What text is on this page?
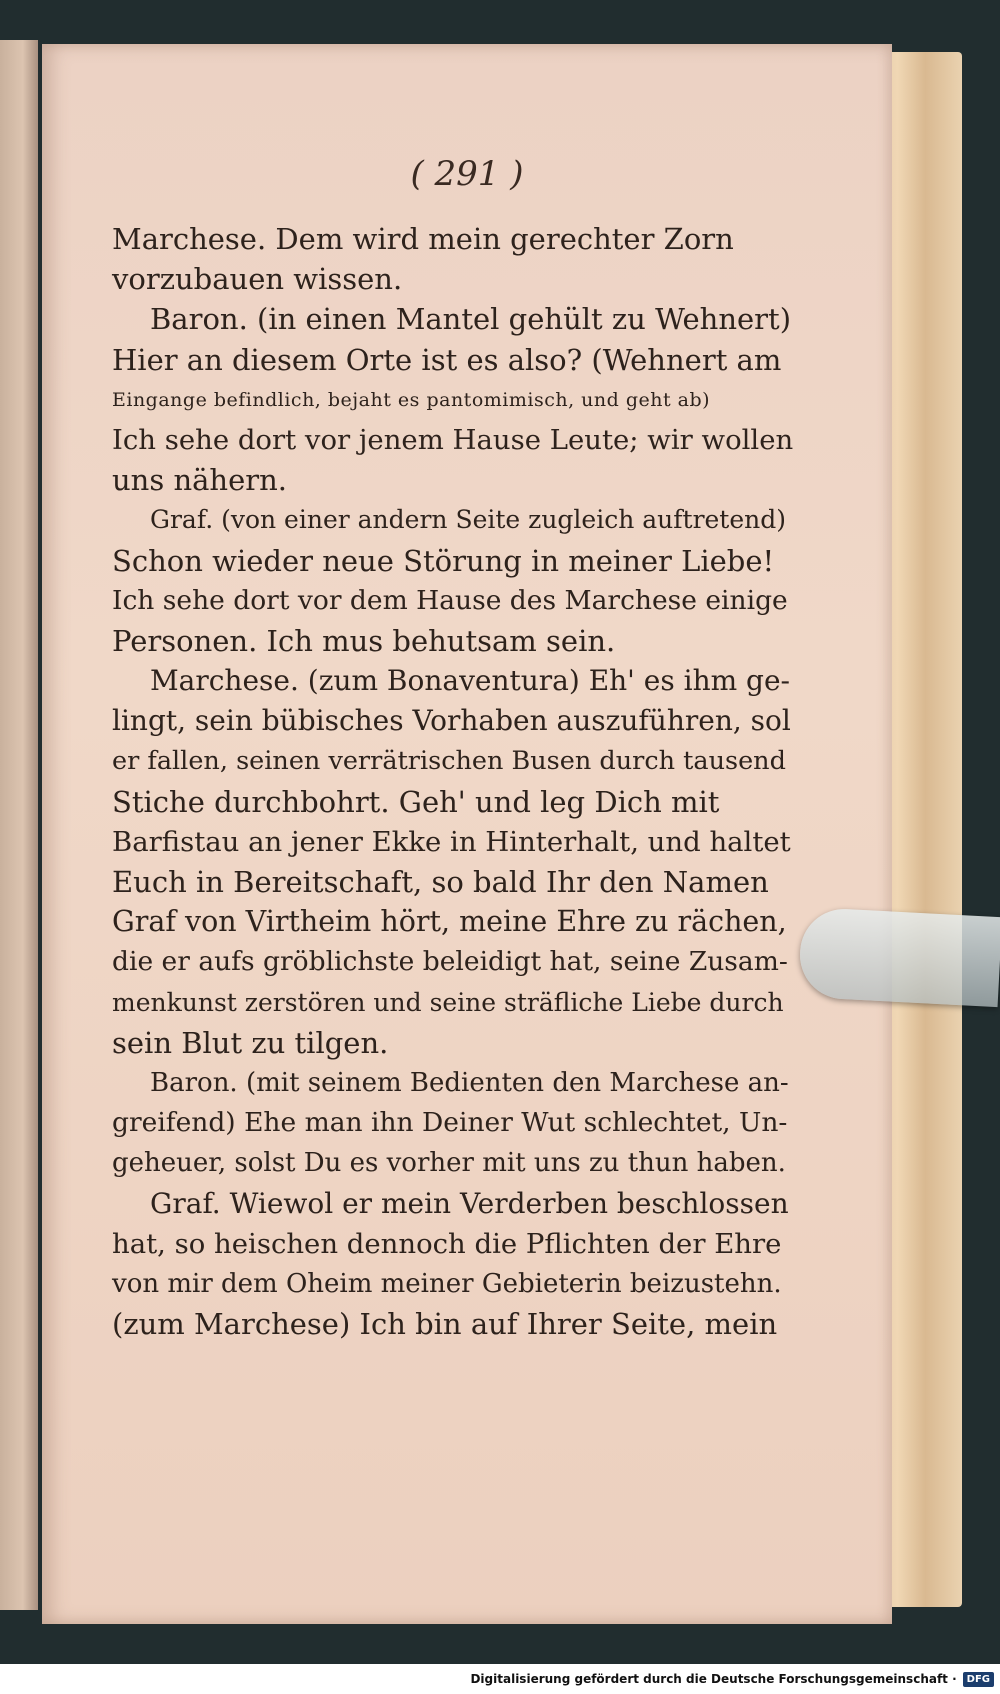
( 291 )
Marchese. Dem wird mein gerechter Zorn
vorzubauen wissen.
Baron. (in einen Mantel gehült zu Wehnert)
Hier an diesem Orte ist es also? (Wehnert am
Eingange befindlich, bejaht es pantomimisch, und geht ab)
Ich sehe dort vor jenem Hause Leute; wir wollen
uns nähern.
Graf. (von einer andern Seite zugleich auftretend)
Schon wieder neue Störung in meiner Liebe!
Ich sehe dort vor dem Hause des Marchese einige
Personen. Ich mus behutsam sein.
Marchese. (zum Bonaventura) Eh' es ihm ge-
lingt, sein bübisches Vorhaben auszuführen, sol
er fallen, seinen verrätrischen Busen durch tausend
Stiche durchbohrt. Geh' und leg Dich mit
Barfistau an jener Ekke in Hinterhalt, und haltet
Euch in Bereitschaft, so bald Ihr den Namen
Graf von Virtheim hört, meine Ehre zu rächen,
die er aufs gröblichste beleidigt hat, seine Zusam-
menkunst zerstören und seine sträfliche Liebe durch
sein Blut zu tilgen.
Baron. (mit seinem Bedienten den Marchese an-
greifend) Ehe man ihn Deiner Wut schlechtet, Un-
geheuer, solst Du es vorher mit uns zu thun haben.
Graf. Wiewol er mein Verderben beschlossen
hat, so heischen dennoch die Pflichten der Ehre
von mir dem Oheim meiner Gebieterin beizustehn.
(zum Marchese) Ich bin auf Ihrer Seite, mein
Digitalisierung gefördert durch die Deutsche Forschungsgemeinschaft ·	DFG
